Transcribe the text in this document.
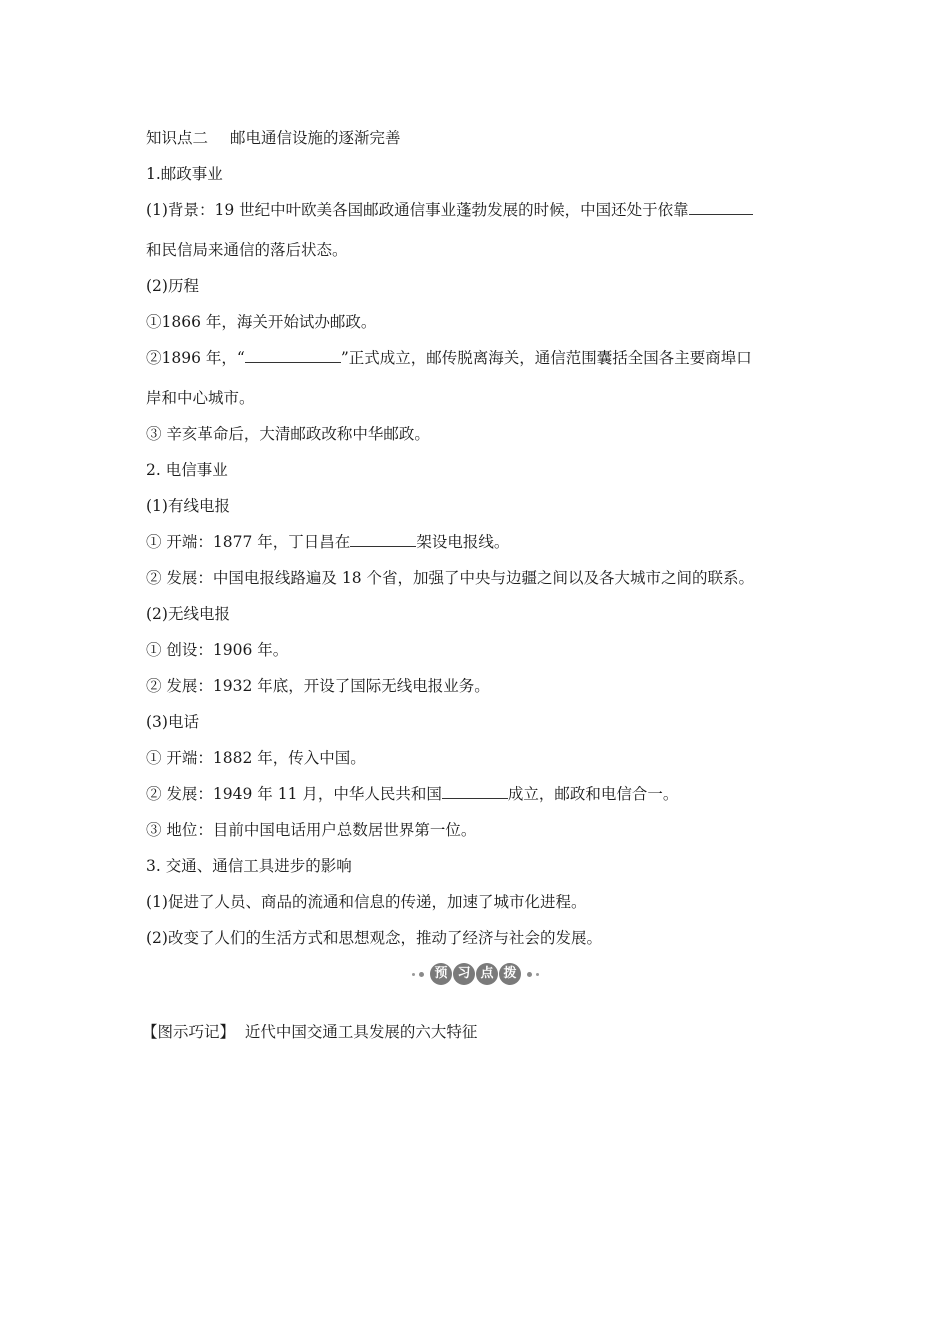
知识点二 邮电通信设施的逐渐完善
1.邮政事业
(1)背景：19 世纪中叶欧美各国邮政通信事业蓬勃发展的时候，中国还处于依靠
和民信局来通信的落后状态。
(2)历程
①1866 年，海关开始试办邮政。
②1896 年，“	”正式成立，邮传脱离海关，通信范围囊括全国各主要商埠口
岸和中心城市。
③ 辛亥革命后，大清邮政改称中华邮政。
2. 电信事业
(1)有线电报
① 开端：1877 年，丁日昌在	架设电报线。
② 发展：中国电报线路遍及 18 个省，加强了中央与边疆之间以及各大城市之间的联系。
(2)无线电报
① 创设：1906 年。
② 发展：1932 年底，开设了国际无线电报业务。
(3)电话
① 开端：1882 年，传入中国。
② 发展：1949 年 11 月，中华人民共和国	成立，邮政和电信合一。
③ 地位：目前中国电话用户总数居世界第一位。
3. 交通、通信工具进步的影响
(1)促进了人员、商品的流通和信息的传递，加速了城市化进程。
(2)改变了人们的生活方式和思想观念，推动了经济与社会的发展。
预 习 点 拨
【图示巧记】 近代中国交通工具发展的六大特征
